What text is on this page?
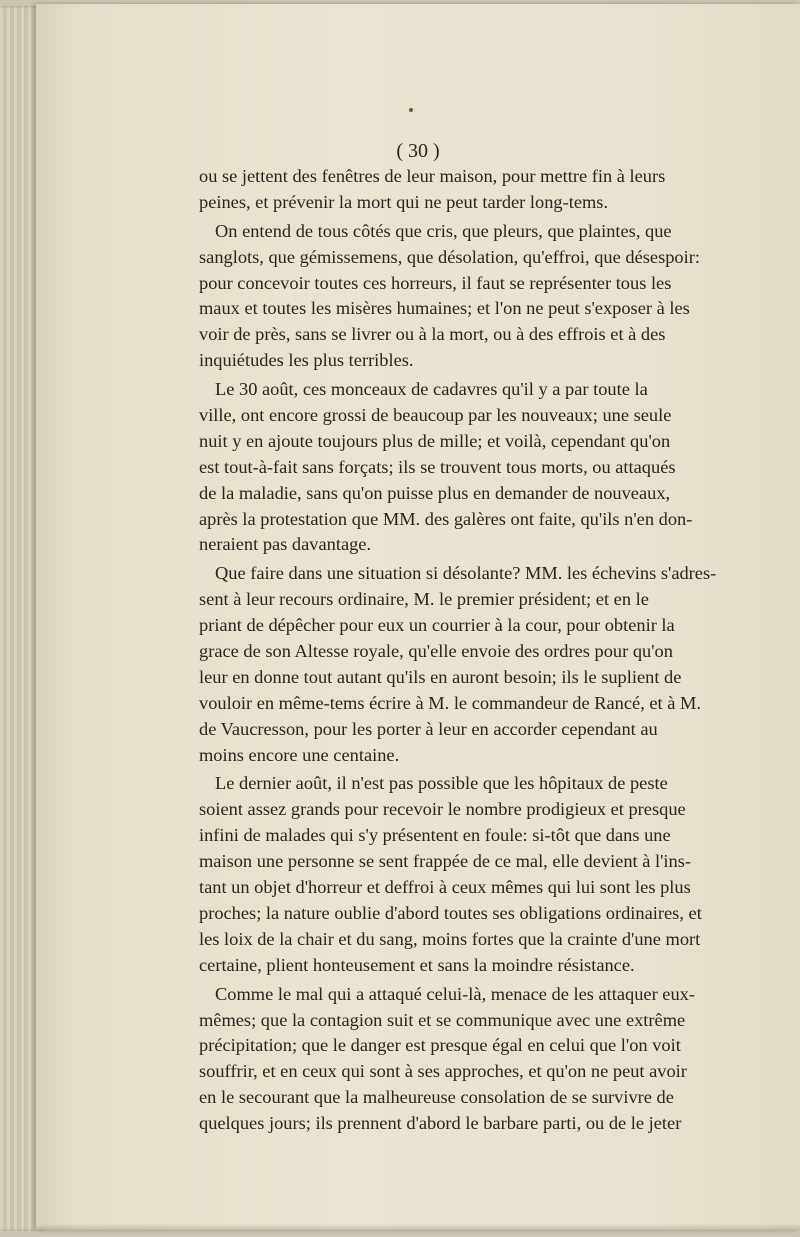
( 30 )
ou se jettent des fenêtres de leur maison, pour mettre fin à leurs
peines, et prévenir la mort qui ne peut tarder long-tems.
On entend de tous côtés que cris, que pleurs, que plaintes, que
sanglots, que gémissemens, que désolation, qu'effroi, que désespoir:
pour concevoir toutes ces horreurs, il faut se représenter tous les
maux et toutes les misères humaines; et l'on ne peut s'exposer à les
voir de près, sans se livrer ou à la mort, ou à des effrois et à des
inquiétudes les plus terribles.
Le 30 août, ces monceaux de cadavres qu'il y a par toute la
ville, ont encore grossi de beaucoup par les nouveaux; une seule
nuit y en ajoute toujours plus de mille; et voilà, cependant qu'on
est tout-à-fait sans forçats; ils se trouvent tous morts, ou attaqués
de la maladie, sans qu'on puisse plus en demander de nouveaux,
après la protestation que MM. des galères ont faite, qu'ils n'en don-
neraient pas davantage.
Que faire dans une situation si désolante? MM. les échevins s'adres-
sent à leur recours ordinaire, M. le premier président; et en le
priant de dépêcher pour eux un courrier à la cour, pour obtenir la
grace de son Altesse royale, qu'elle envoie des ordres pour qu'on
leur en donne tout autant qu'ils en auront besoin; ils le suplient de
vouloir en même-tems écrire à M. le commandeur de Rancé, et à M.
de Vaucresson, pour les porter à leur en accorder cependant au
moins encore une centaine.
Le dernier août, il n'est pas possible que les hôpitaux de peste
soient assez grands pour recevoir le nombre prodigieux et presque
infini de malades qui s'y présentent en foule: si-tôt que dans une
maison une personne se sent frappée de ce mal, elle devient à l'ins-
tant un objet d'horreur et deffroi à ceux mêmes qui lui sont les plus
proches; la nature oublie d'abord toutes ses obligations ordinaires, et
les loix de la chair et du sang, moins fortes que la crainte d'une mort
certaine, plient honteusement et sans la moindre résistance.
Comme le mal qui a attaqué celui-là, menace de les attaquer eux-
mêmes; que la contagion suit et se communique avec une extrême
précipitation; que le danger est presque égal en celui que l'on voit
souffrir, et en ceux qui sont à ses approches, et qu'on ne peut avoir
en le secourant que la malheureuse consolation de se survivre de
quelques jours; ils prennent d'abord le barbare parti, ou de le jeter
